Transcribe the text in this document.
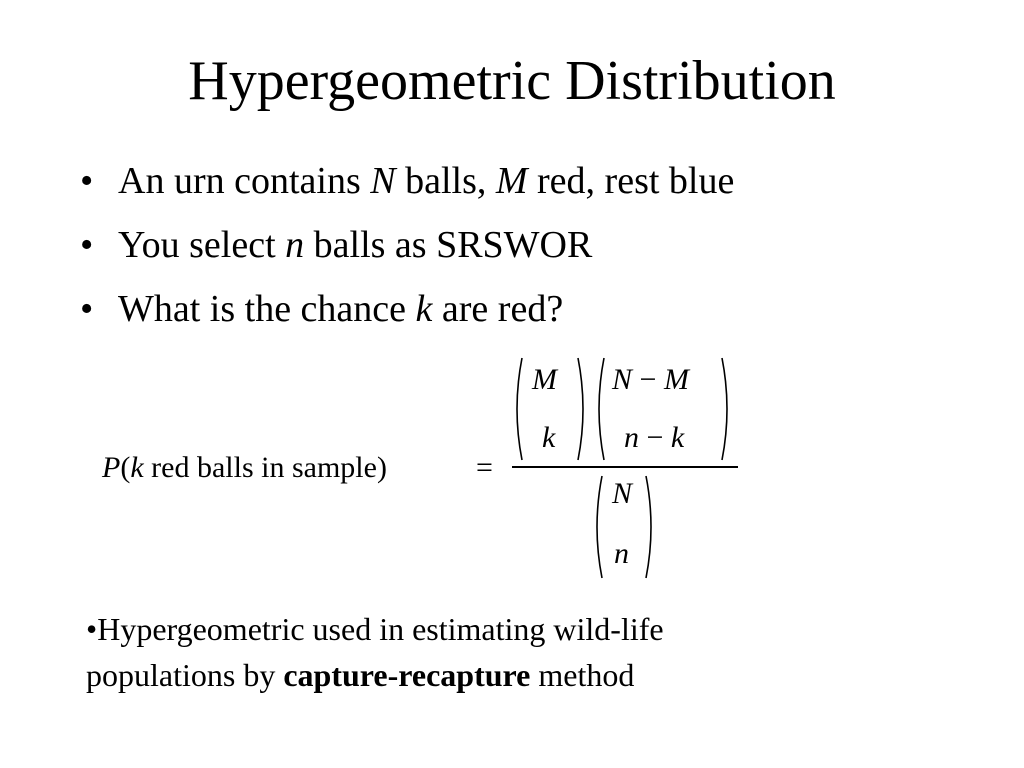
Hypergeometric Distribution
• An urn contains N balls, M red, rest blue
• You select n balls as SRSWOR
• What is the chance k are red?
P(k red balls in sample)	=
M
k
N − M
n − k
N
n
•Hypergeometric used in estimating wild-life
populations by capture-recapture method
